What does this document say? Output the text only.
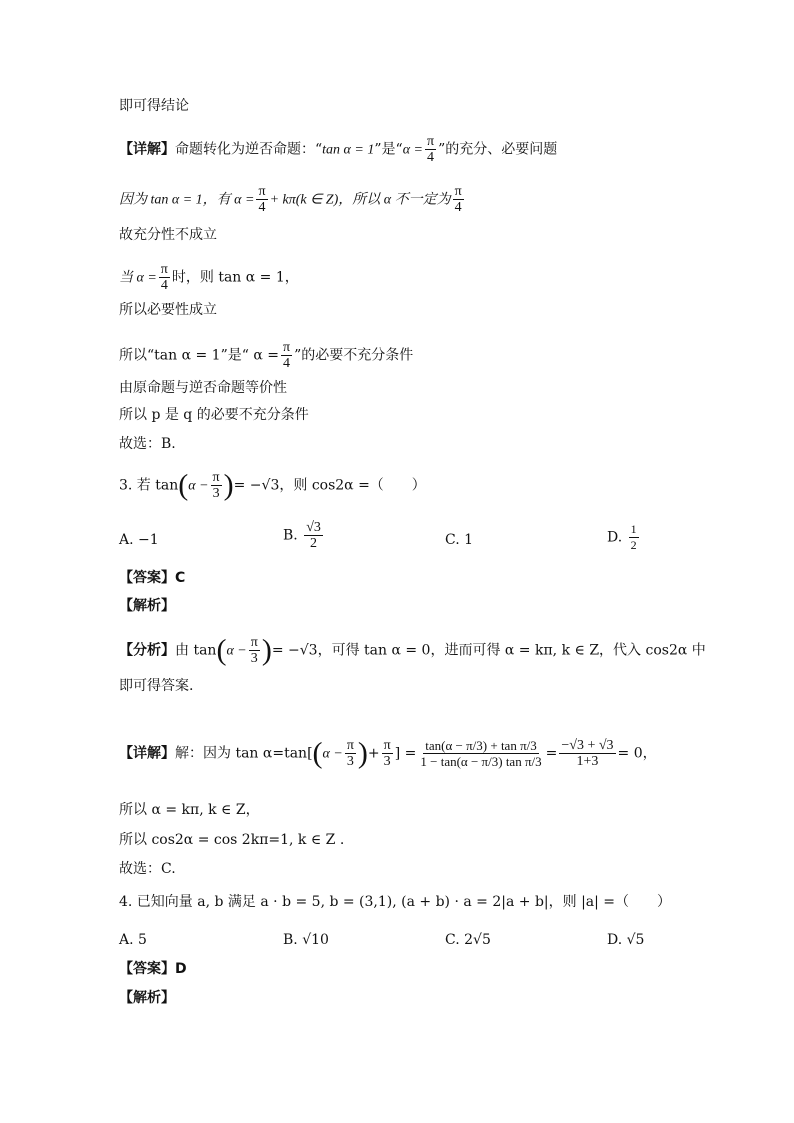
即可得结论
【详解】命题转化为逆否命题：“tan α = 1”是“$\alpha = \frac{\pi}{4}$ ”的充分、必要问题
因为 tan α = 1，有 $\alpha = \frac{\pi}{4} + k\pi(k$ ∈ Z)，所以 α 不一定为 $\frac{\pi}{4}$
故充分性不成立
当 $\alpha = \frac{\pi}{4}$ 时，则 tan α = 1，
所以必要性成立
所以“tan α = 1”是“ $\alpha = \frac{\pi}{4}$ ”的必要不充分条件
由原命题与逆否命题等价性
所以 p 是 q 的必要不充分条件
故选：B.
3. 若 $\tan(\alpha - \frac{\pi}{3}$ )= −√3，则 cos2α =（　　）
A. −1	B. $\frac{√3}{2}$	C. 1	D. $\frac{1}{2}$
【答案】C
【解析】
【分析】由 $\tan(\alpha - \frac{\pi}{3}$ )= −√3，可得 tan α = 0，进而可得 α = kπ, k ∈ Z，代入 cos2α 中
即可得答案.
【详解】解：因为 $\tan \alpha=\tan[(\alpha - \frac{\pi}{3}$ )+ $\frac{\pi}{3}$ ] = $\frac{\text{tan(α − π/3) + tan π/3}}{\text{1 − tan(α − π/3) tan π/3}} = \frac{-√3 + √3}{1+3} = 0$，
所以 α = kπ, k ∈ Z，
所以 cos2α = cos 2kπ=1, k ∈ Z .
故选：C.
4. 已知向量 a, b 满足 a · b = 5, b = (3,1), (a + b) · a = 2|a + b|，则 |a| =（　　）
A. 5	B. √10	C. 2√5	D. √5
【答案】D
【解析】
